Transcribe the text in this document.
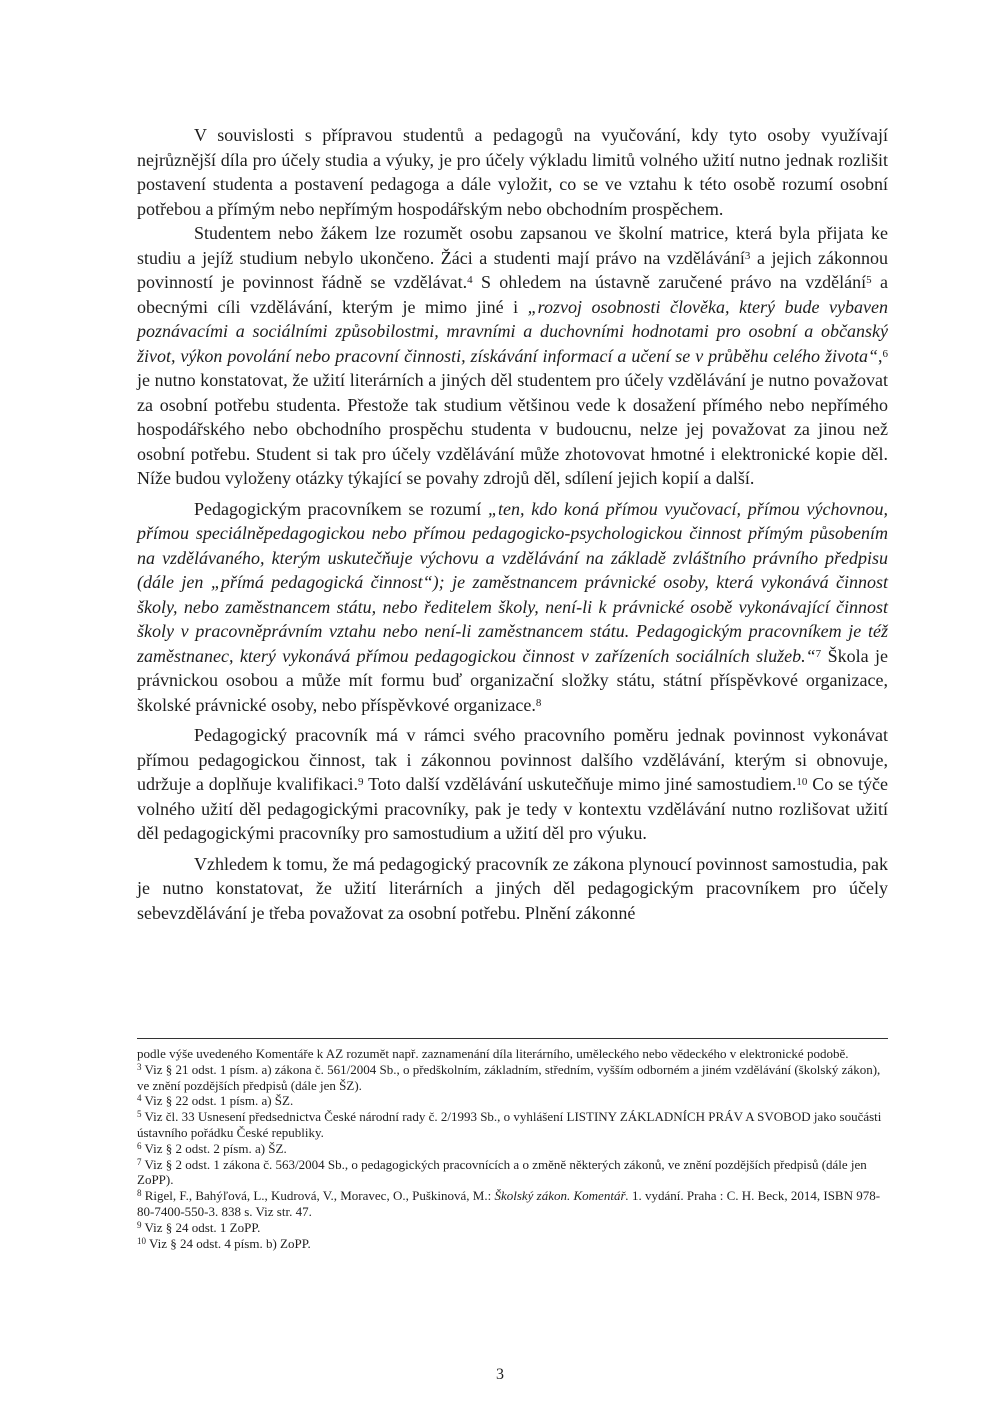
V souvislosti s přípravou studentů a pedagogů na vyučování, kdy tyto osoby využívají nejrůznější díla pro účely studia a výuky, je pro účely výkladu limitů volného užití nutno jednak rozlišit postavení studenta a postavení pedagoga a dále vyložit, co se ve vztahu k této osobě rozumí osobní potřebou a přímým nebo nepřímým hospodářským nebo obchodním prospěchem.

Studentem nebo žákem lze rozumět osobu zapsanou ve školní matrice, která byla přijata ke studiu a jejíž studium nebylo ukončeno. Žáci a studenti mají právo na vzdělávání$^3$ a jejich zákonnou povinností je povinnost řádně se vzdělávat.$^4$ S ohledem na ústavně zaručené právo na vzdělání$^5$ a obecnými cíli vzdělávání, kterým je mimo jiné i „rozvoj osobnosti člověka, který bude vybaven poznávacími a sociálními způsobilostmi, mravními a duchovními hodnotami pro osobní a občanský život, výkon povolání nebo pracovní činnosti, získávání informací a učení se v průběhu celého života“,$^6$ je nutno konstatovat, že užití literárních a jiných děl studentem pro účely vzdělávání je nutno považovat za osobní potřebu studenta. Přestože tak studium většinou vede k dosažení přímého nebo nepřímého hospodářského nebo obchodního prospěchu studenta v budoucnu, nelze jej považovat za jinou než osobní potřebu. Student si tak pro účely vzdělávání může zhotovovat hmotné i elektronické kopie děl. Níže budou vyloženy otázky týkající se povahy zdrojů děl, sdílení jejich kopií a další.

Pedagogickým pracovníkem se rozumí „ten, kdo koná přímou vyučovací, přímou výchovnou, přímou speciálněpedagogickou nebo přímou pedagogicko-psychologickou činnost přímým působením na vzdělávaného, kterým uskutečňuje výchovu a vzdělávání na základě zvláštního právního předpisu (dále jen „přímá pedagogická činnost“); je zaměstnancem právnické osoby, která vykonává činnost školy, nebo zaměstnancem státu, nebo ředitelem školy, není-li k právnické osobě vykonávající činnost školy v pracovněprávním vztahu nebo není-li zaměstnancem státu. Pedagogickým pracovníkem je též zaměstnanec, který vykonává přímou pedagogickou činnost v zařízeních sociálních služeb.“$^7$ Škola je právnickou osobou a může mít formu buď organizační složky státu, státní příspěvkové organizace, školské právnické osoby, nebo příspěvkové organizace.$^8$

Pedagogický pracovník má v rámci svého pracovního poměru jednak povinnost vykonávat přímou pedagogickou činnost, tak i zákonnou povinnost dalšího vzdělávání, kterým si obnovuje, udržuje a doplňuje kvalifikaci.$^9$ Toto další vzdělávání uskutečňuje mimo jiné samostudiem.$^{10}$ Co se týče volného užití děl pedagogickými pracovníky, pak je tedy v kontextu vzdělávání nutno rozlišovat užití děl pedagogickými pracovníky pro samostudium a užití děl pro výuku.

Vzhledem k tomu, že má pedagogický pracovník ze zákona plynoucí povinnost samostudia, pak je nutno konstatovat, že užití literárních a jiných děl pedagogickým pracovníkem pro účely sebevzdělávání je třeba považovat za osobní potřebu. Plnění zákonné

podle výše uvedeného Komentáře k AZ rozumět např. zaznamenání díla literárního, uměleckého nebo vědeckého v elektronické podobě.

$^3$ Viz § 21 odst. 1 písm. a) zákona č. 561/2004 Sb., o předškolním, základním, středním, vyšším odborném a jiném vzdělávání (školský zákon), ve znění pozdějších předpisů (dále jen ŠZ).

$^4$ Viz § 22 odst. 1 písm. a) ŠZ.

$^5$ Viz čl. 33 Usnesení předsednictva České národní rady č. 2/1993 Sb., o vyhlášení LISTINY ZÁKLADNÍCH PRÁV A SVOBOD jako součásti ústavního pořádku České republiky.

$^6$ Viz § 2 odst. 2 písm. a) ŠZ.

$^7$ Viz § 2 odst. 1 zákona č. 563/2004 Sb., o pedagogických pracovnících a o změně některých zákonů, ve znění pozdějších předpisů (dále jen ZoPP).

$^8$ Rigel, F., Bahýľová, L., Kudrová, V., Moravec, O., Puškinová, M.: Školský zákon. Komentář. 1. vydání. Praha : C. H. Beck, 2014, ISBN 978-80-7400-550-3. 838 s. Viz str. 47.

$^9$ Viz § 24 odst. 1 ZoPP.

$^{10}$ Viz § 24 odst. 4 písm. b) ZoPP.

3
